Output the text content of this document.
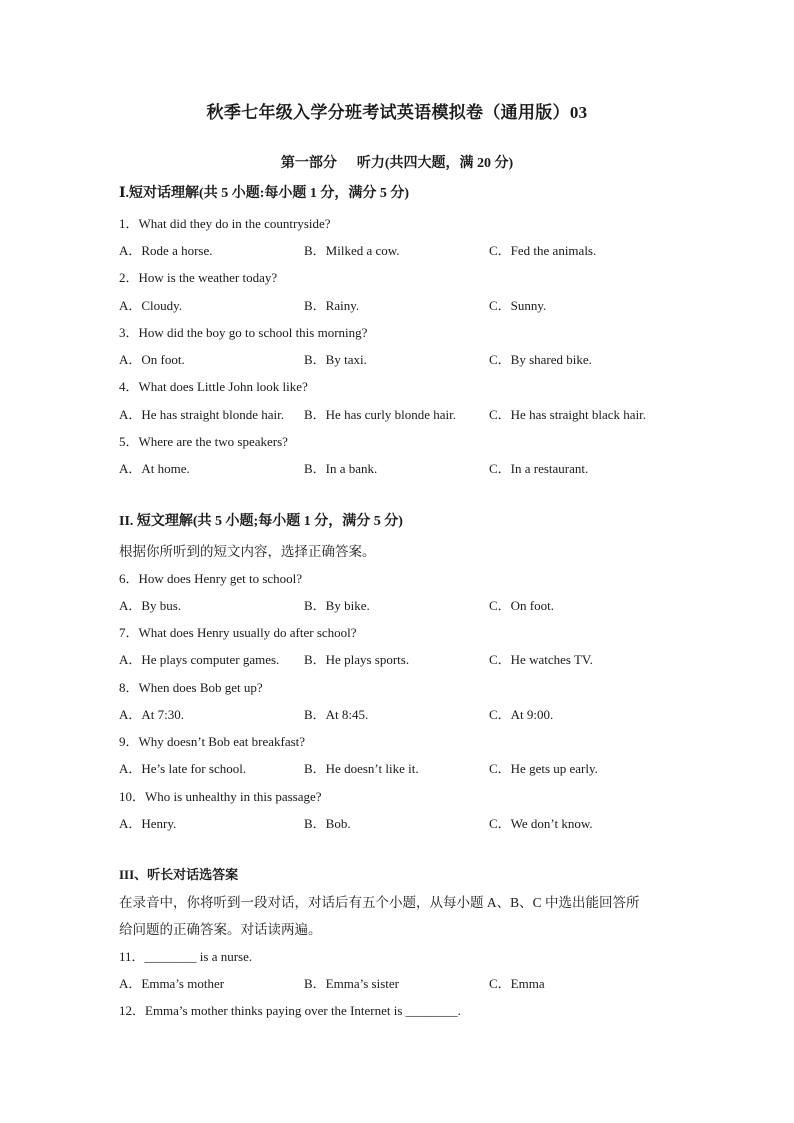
秋季七年级入学分班考试英语模拟卷（通用版）03
第一部分 听力(共四大题，满 20 分)
Ⅰ.短对话理解(共 5 小题:每小题 1 分，满分 5 分)
1．What did they do in the countryside?
A．Rode a horse.	B．Milked a cow.	C．Fed the animals.
2．How is the weather today?
A．Cloudy.	B．Rainy.	C．Sunny.
3．How did the boy go to school this morning?
A．On foot.	B．By taxi.	C．By shared bike.
4．What does Little John look like?
A．He has straight blonde hair. B．He has curly blonde hair.	C．He has straight black hair.
5．Where are the two speakers?
A．At home.	B．In a bank.	C．In a restaurant.
II. 短文理解(共 5 小题;每小题 1 分，满分 5 分)
根据你所听到的短文内容，选择正确答案。
6．How does Henry get to school?
A．By bus.	B．By bike.	C．On foot.
7．What does Henry usually do after school?
A．He plays computer games. B．He plays sports.	C．He watches TV.
8．When does Bob get up?
A．At 7:30.	B．At 8:45.	C．At 9:00.
9．Why doesn’t Bob eat breakfast?
A．He’s late for school.	B．He doesn’t like it.	C．He gets up early.
10．Who is unhealthy in this passage?
A．Henry.	B．Bob.	C．We don’t know.
III、听长对话选答案
在录音中，你将听到一段对话，对话后有五个小题，从每小题 A、B、C 中选出能回答所
给问题的正确答案。对话读两遍。
11．________ is a nurse.
A．Emma’s mother	B．Emma’s sister	C．Emma
12．Emma’s mother thinks paying over the Internet is ________.
